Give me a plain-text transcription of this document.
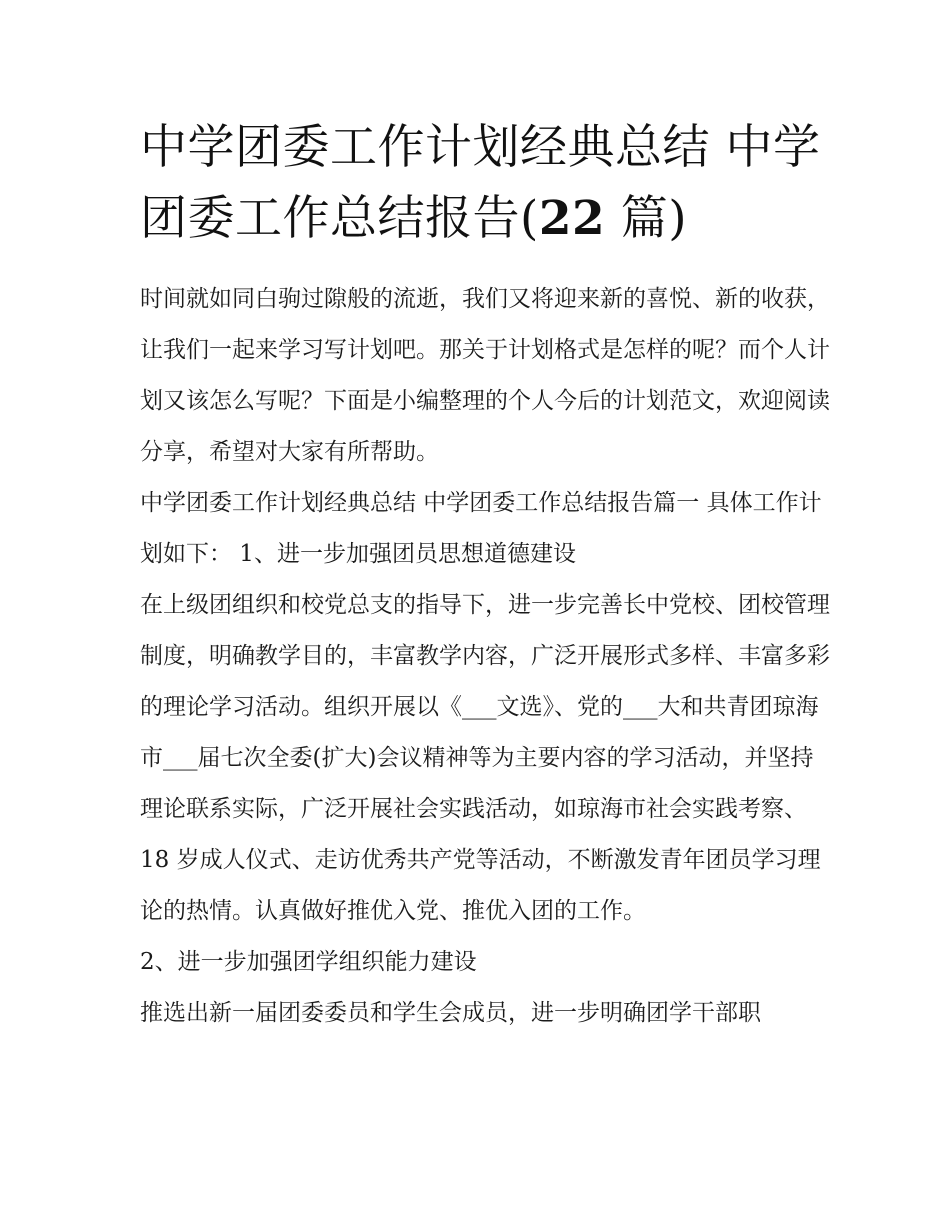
中学团委工作计划经典总结 中学团委工作总结报告(22 篇)

时间就如同白驹过隙般的流逝，我们又将迎来新的喜悦、新的收获，让我们一起来学习写计划吧。那关于计划格式是怎样的呢？而个人计划又该怎么写呢？下面是小编整理的个人今后的计划范文，欢迎阅读分享，希望对大家有所帮助。

中学团委工作计划经典总结 中学团委工作总结报告篇一 具体工作计划如下： 1、进一步加强团员思想道德建设

在上级团组织和校党总支的指导下，进一步完善长中党校、团校管理制度，明确教学目的，丰富教学内容，广泛开展形式多样、丰富多彩的理论学习活动。组织开展以《___文选》、党的___大和共青团琼海市___届七次全委(扩大)会议精神等为主要内容的学习活动，并坚持理论联系实际，广泛开展社会实践活动，如琼海市社会实践考察、18 岁成人仪式、走访优秀共产党等活动，不断激发青年团员学习理论的热情。认真做好推优入党、推优入团的工作。

2、进一步加强团学组织能力建设

推选出新一届团委委员和学生会成员，进一步明确团学干部职
